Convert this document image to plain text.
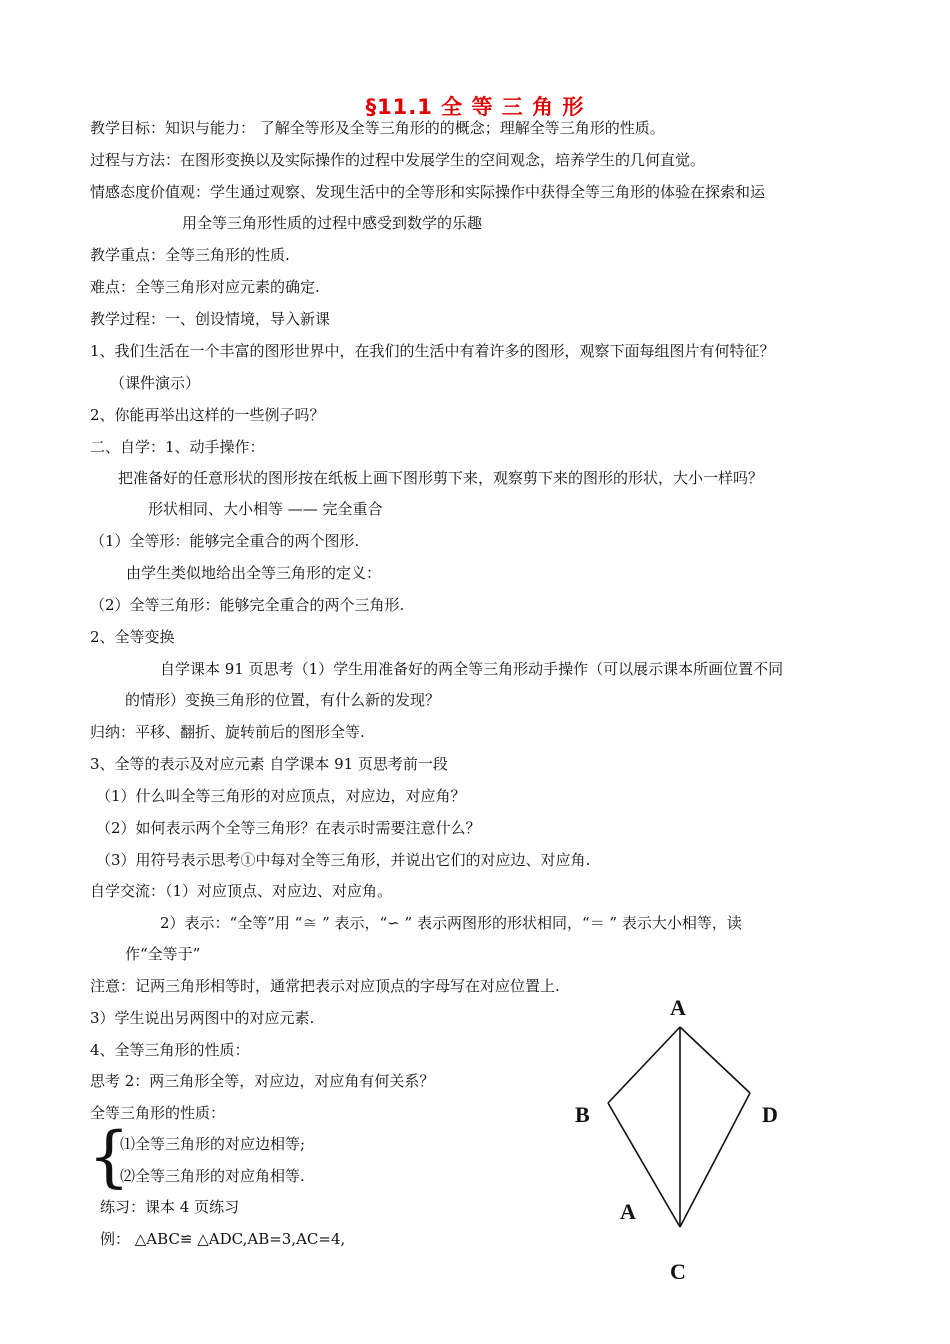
§11.1 全 等 三 角 形

教学目标：知识与能力： 了解全等形及全等三角形的的概念；理解全等三角形的性质。

过程与方法：在图形变换以及实际操作的过程中发展学生的空间观念，培养学生的几何直觉。

情感态度价值观：学生通过观察、发现生活中的全等形和实际操作中获得全等三角形的体验在探索和运

用全等三角形性质的过程中感受到数学的乐趣

教学重点：全等三角形的性质.

难点：全等三角形对应元素的确定.

教学过程：一、创设情境，导入新课

1、我们生活在一个丰富的图形世界中，在我们的生活中有着许多的图形，观察下面每组图片有何特征？

（课件演示）

2、你能再举出这样的一些例子吗？

二、自学：1、动手操作：

把准备好的任意形状的图形按在纸板上画下图形剪下来，观察剪下来的图形的形状，大小一样吗？

形状相同、大小相等 —— 完全重合

（1）全等形：能够完全重合的两个图形.

由学生类似地给出全等三角形的定义：

（2）全等三角形：能够完全重合的两个三角形.

2、全等变换

自学课本 91 页思考（1）学生用准备好的两全等三角形动手操作（可以展示课本所画位置不同

的情形）变换三角形的位置，有什么新的发现？

归纳：平移、翻折、旋转前后的图形全等.

3、全等的表示及对应元素 自学课本 91 页思考前一段

（1）什么叫全等三角形的对应顶点，对应边，对应角？

（2）如何表示两个全等三角形？在表示时需要注意什么？

（3）用符号表示思考①中每对全等三角形，并说出它们的对应边、对应角.

自学交流：（1）对应顶点、对应边、对应角。

2）表示：“全等”用 “≅ ” 表示，“∽ ” 表示两图形的形状相同，“＝ ” 表示大小相等，读

作“全等于”

注意：记两三角形相等时，通常把表示对应顶点的字母写在对应位置上.

3）学生说出另两图中的对应元素.

4、全等三角形的性质：

思考 2：两三角形全等，对应边，对应角有何关系？

全等三角形的性质：

{

⑴全等三角形的对应边相等;

⑵全等三角形的对应角相等.

练习：课本 4 页练习

例： △ABC≌ △ADC,AB=3,AC=4,

A
B	D
A
C
